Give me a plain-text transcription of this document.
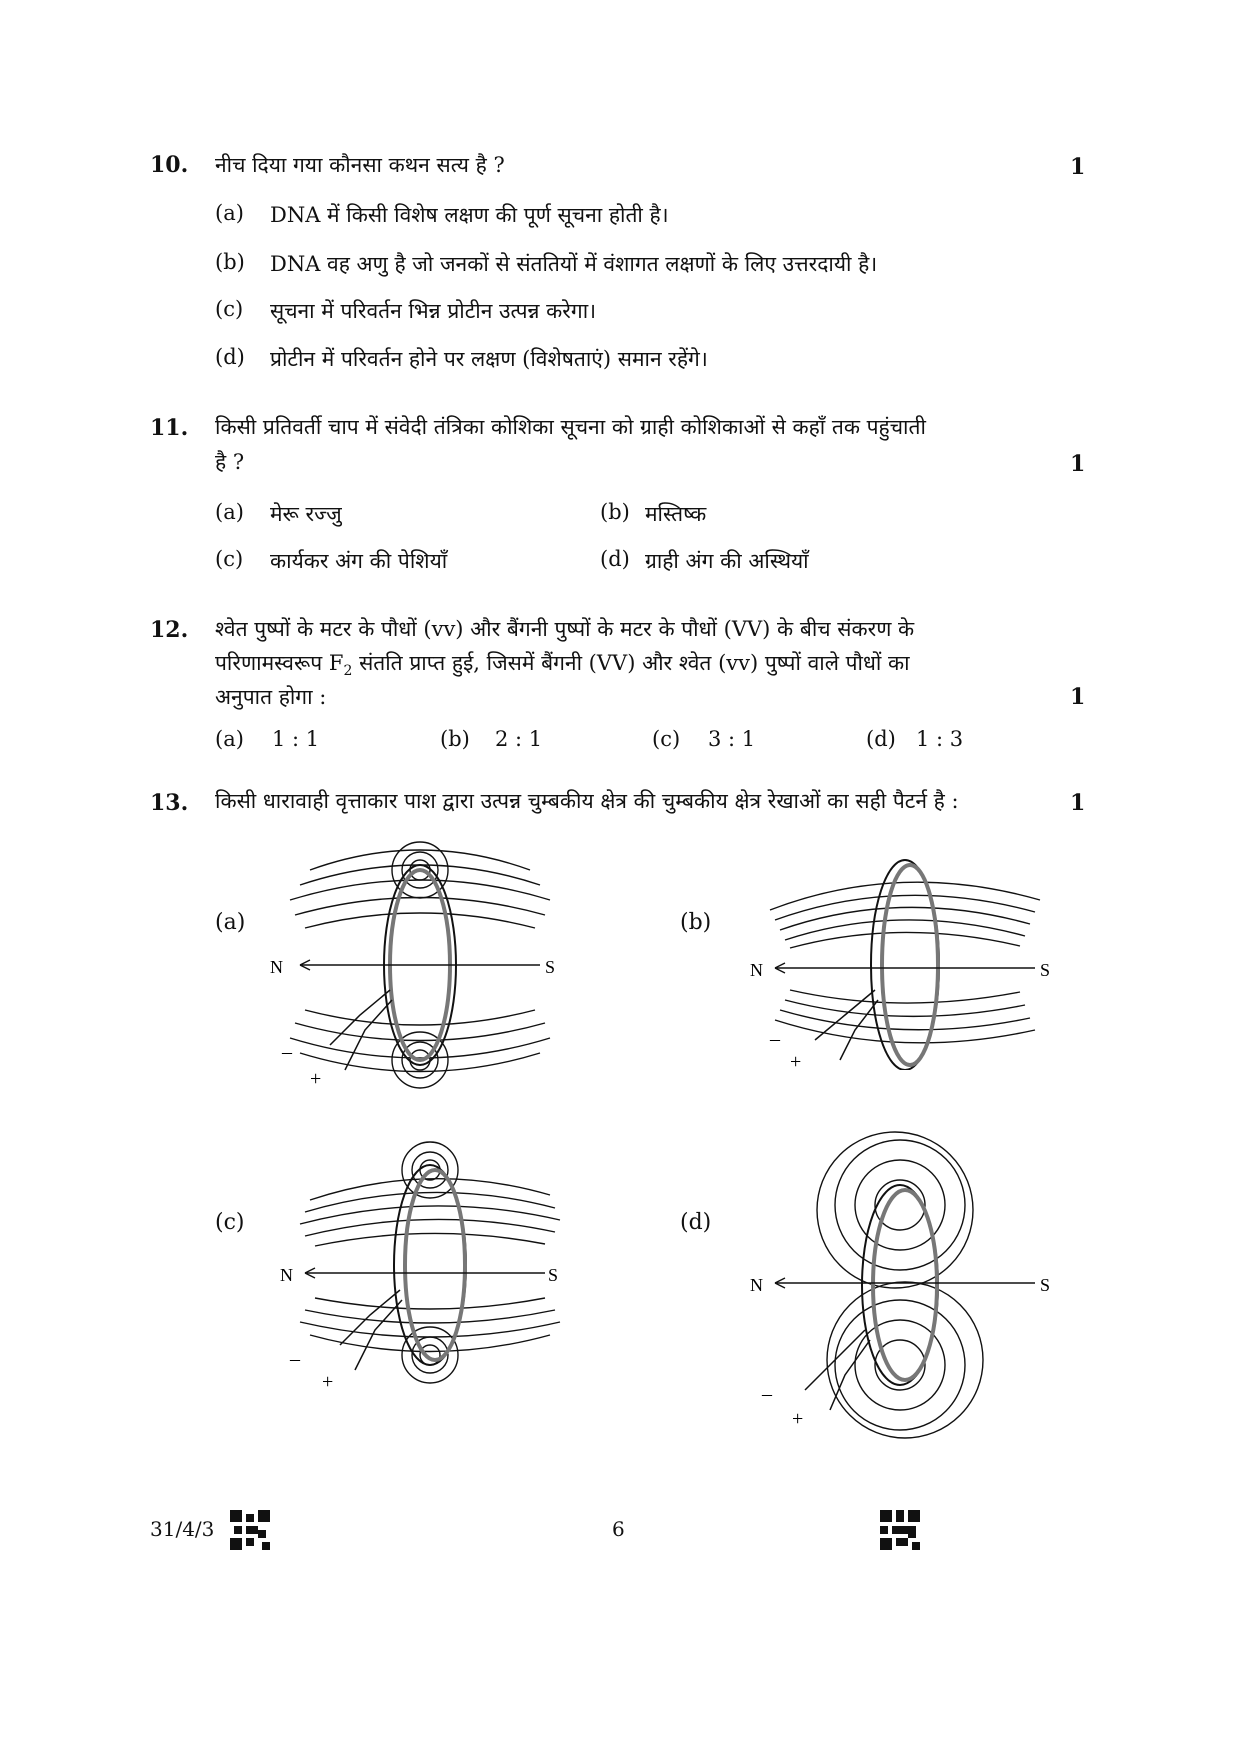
10. नीच दिया गया कौनसा कथन सत्य है ?	1
(a) DNA में किसी विशेष लक्षण की पूर्ण सूचना होती है।
(b) DNA वह अणु है जो जनकों से संततियों में वंशागत लक्षणों के लिए उत्तरदायी है।
(c) सूचना में परिवर्तन भिन्न प्रोटीन उत्पन्न करेगा।
(d) प्रोटीन में परिवर्तन होने पर लक्षण (विशेषताएं) समान रहेंगे।
11. किसी प्रतिवर्ती चाप में संवेदी तंत्रिका कोशिका सूचना को ग्राही कोशिकाओं से कहाँ तक पहुंचाती
है ?	1
(a) मेरू रज्जु	(b) मस्तिष्क
(c) कार्यकर अंग की पेशियाँ	(d) ग्राही अंग की अस्थियाँ
12. श्वेत पुष्पों के मटर के पौधों (vv) और बैंगनी पुष्पों के मटर के पौधों (VV) के बीच संकरण के
परिणामस्वरूप $F_2$ संतति प्राप्त हुई, जिसमें बैंगनी (VV) और श्वेत (vv) पुष्पों वाले पौधों का
अनुपात होगा :	1
(a) 1 : 1	(b) 2 : 1	(c) 3 : 1	(d) 1 : 3
13. किसी धारावाही वृत्ताकार पाश द्वारा उत्पन्न चुम्बकीय क्षेत्र की चुम्बकीय क्षेत्र रेखाओं का सही पैटर्न है :	1
(a)	(b)
(c)	(d)
N	S
–
+
N	S
–
+
N	S
–
+
N	S
–
+
31/4/3	6
